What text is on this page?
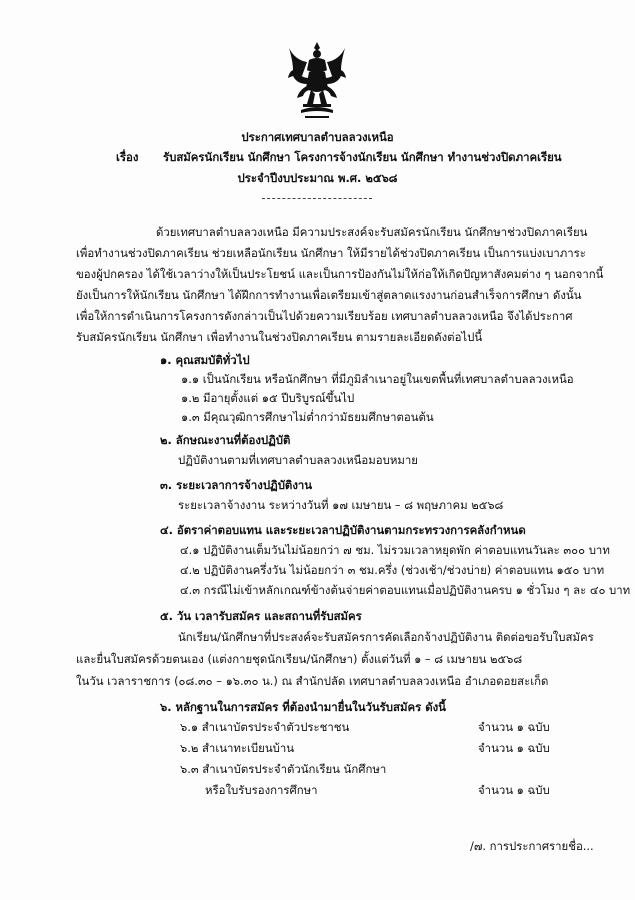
ประกาศเทศบาลตำบลลวงเหนือ
เรื่อง รับสมัครนักเรียน นักศึกษา โครงการจ้างนักเรียน นักศึกษา ทำงานช่วงปิดภาคเรียน
ประจำปีงบประมาณ พ.ศ. ๒๕๖๘
ด้วยเทศบาลตำบลลวงเหนือ มีความประสงค์จะรับสมัครนักเรียน นักศึกษาช่วงปิดภาคเรียน
เพื่อทำงานช่วงปิดภาคเรียน ช่วยเหลือนักเรียน นักศึกษา ให้มีรายได้ช่วงปิดภาคเรียน เป็นการแบ่งเบาภาระ
ของผู้ปกครอง ได้ใช้เวลาว่างให้เป็นประโยชน์ และเป็นการป้องกันไม่ให้ก่อให้เกิดปัญหาสังคมต่าง ๆ นอกจากนี้
ยังเป็นการให้นักเรียน นักศึกษา ได้ฝึกการทำงานเพื่อเตรียมเข้าสู่ตลาดแรงงานก่อนสำเร็จการศึกษา ดังนั้น
เพื่อให้การดำเนินการโครงการดังกล่าวเป็นไปด้วยความเรียบร้อย เทศบาลตำบลลวงเหนือ จึงได้ประกาศ
รับสมัครนักเรียน นักศึกษา เพื่อทำงานในช่วงปิดภาคเรียน ตามรายละเอียดดังต่อไปนี้
๑. คุณสมบัติทั่วไป
๑.๑ เป็นนักเรียน หรือนักศึกษา ที่มีภูมิลำเนาอยู่ในเขตพื้นที่เทศบาลตำบลลวงเหนือ
๑.๒ มีอายุตั้งแต่ ๑๕ ปีบริบูรณ์ขึ้นไป
๑.๓ มีคุณวุฒิการศึกษาไม่ต่ำกว่ามัธยมศึกษาตอนต้น
๒. ลักษณะงานที่ต้องปฏิบัติ
ปฏิบัติงานตามที่เทศบาลตำบลลวงเหนือมอบหมาย
๓. ระยะเวลาการจ้างปฏิบัติงาน
ระยะเวลาจ้างงาน ระหว่างวันที่ ๑๗ เมษายน – ๘ พฤษภาคม ๒๕๖๘
๔. อัตราค่าตอบแทน และระยะเวลาปฏิบัติงานตามกระทรวงการคลังกำหนด
๔.๑ ปฏิบัติงานเต็มวันไม่น้อยกว่า ๗ ชม. ไม่รวมเวลาหยุดพัก ค่าตอบแทนวันละ ๓๐๐ บาท
๔.๒ ปฏิบัติงานครึ่งวัน ไม่น้อยกว่า ๓ ชม.ครึ่ง (ช่วงเช้า/ช่วงบ่าย) ค่าตอบแทน ๑๕๐ บาท
๔.๓ กรณีไม่เข้าหลักเกณฑ์ข้างต้นจ่ายค่าตอบแทนเมื่อปฏิบัติงานครบ ๑ ชั่วโมง ๆ ละ ๔๐ บาท
๕. วัน เวลารับสมัคร และสถานที่รับสมัคร
นักเรียน/นักศึกษาที่ประสงค์จะรับสมัครการคัดเลือกจ้างปฏิบัติงาน ติดต่อขอรับใบสมัคร
และยื่นใบสมัครด้วยตนเอง (แต่งกายชุดนักเรียน/นักศึกษา) ตั้งแต่วันที่ ๑ – ๘ เมษายน ๒๕๖๘
ในวัน เวลาราชการ (๐๘.๓๐ – ๑๖.๓๐ น.) ณ สำนักปลัด เทศบาลตำบลลวงเหนือ อำเภอดอยสะเก็ด
๖. หลักฐานในการสมัคร ที่ต้องนำมายื่นในวันรับสมัคร ดังนี้
๖.๑ สำเนาบัตรประจำตัวประชาชน	จำนวน ๑ ฉบับ
๖.๒ สำเนาทะเบียนบ้าน	จำนวน ๑ ฉบับ
๖.๓ สำเนาบัตรประจำตัวนักเรียน นักศึกษา
หรือใบรับรองการศึกษา	จำนวน ๑ ฉบับ
/๗. การประกาศรายชื่อ...
